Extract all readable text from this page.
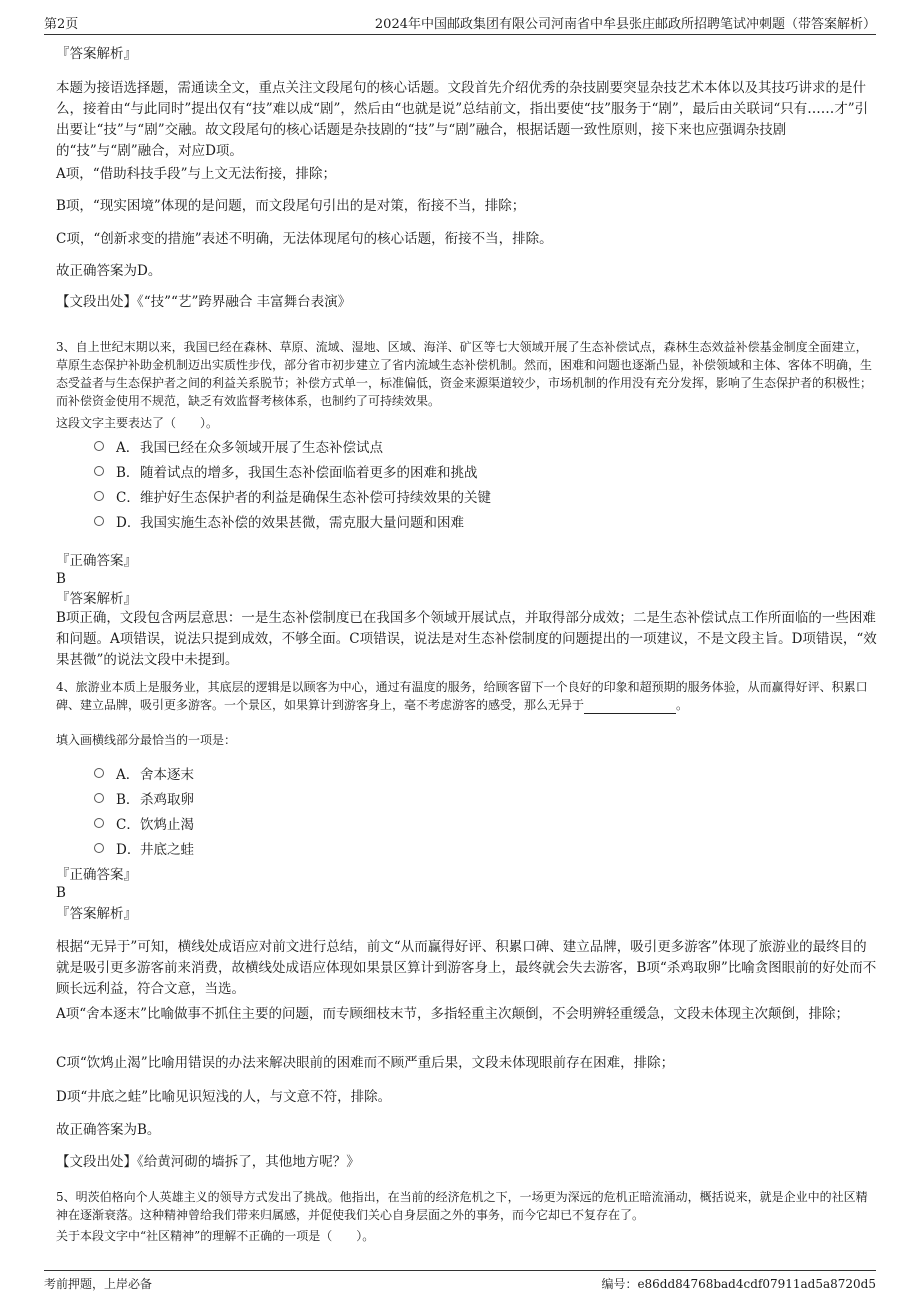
第2页	2024年中国邮政集团有限公司河南省中牟县张庄邮政所招聘笔试冲刺题（带答案解析）

『答案解析』

本题为接语选择题，需通读全文，重点关注文段尾句的核心话题。文段首先介绍优秀的杂技剧要突显杂技艺术本体以及其技巧讲求的是什么，接着由“与此同时”提出仅有“技”难以成“剧”，然后由“也就是说”总结前文，指出要使“技”服务于“剧”，最后由关联词“只有……才”引出要让“技”与“剧”交融。故文段尾句的核心话题是杂技剧的“技”与“剧”融合，根据话题一致性原则，接下来也应强调杂技剧的“技”与“剧”融合，对应D项。

A项，“借助科技手段”与上文无法衔接，排除；

B项，“现实困境”体现的是问题，而文段尾句引出的是对策，衔接不当，排除；

C项，“创新求变的措施”表述不明确，无法体现尾句的核心话题，衔接不当，排除。

故正确答案为D。

【文段出处】《“技”“艺”跨界融合 丰富舞台表演》

3、自上世纪末期以来，我国已经在森林、草原、流域、湿地、区域、海洋、矿区等七大领域开展了生态补偿试点，森林生态效益补偿基金制度全面建立，草原生态保护补助金机制迈出实质性步伐，部分省市初步建立了省内流域生态补偿机制。然而，困难和问题也逐渐凸显，补偿领域和主体、客体不明确，生态受益者与生态保护者之间的利益关系脱节；补偿方式单一，标准偏低，资金来源渠道较少，市场机制的作用没有充分发挥，影响了生态保护者的积极性；而补偿资金使用不规范，缺乏有效监督考核体系，也制约了可持续效果。

这段文字主要表达了（　　）。

A． 我国已经在众多领域开展了生态补偿试点
B． 随着试点的增多，我国生态补偿面临着更多的困难和挑战
C． 维护好生态保护者的利益是确保生态补偿可持续效果的关键
D． 我国实施生态补偿的效果甚微，需克服大量问题和困难

『正确答案』

B

『答案解析』

B项正确，文段包含两层意思：一是生态补偿制度已在我国多个领域开展试点，并取得部分成效；二是生态补偿试点工作所面临的一些困难和问题。A项错误，说法只提到成效，不够全面。C项错误，说法是对生态补偿制度的问题提出的一项建议，不是文段主旨。D项错误，“效果甚微”的说法文段中未提到。

4、旅游业本质上是服务业，其底层的逻辑是以顾客为中心，通过有温度的服务，给顾客留下一个良好的印象和超预期的服务体验，从而赢得好评、积累口碑、建立品牌，吸引更多游客。一个景区，如果算计到游客身上，毫不考虑游客的感受，那么无异于	。

填入画横线部分最恰当的一项是：

A． 舍本逐末
B． 杀鸡取卵
C． 饮鸩止渴
D． 井底之蛙

『正确答案』

B

『答案解析』

根据“无异于”可知，横线处成语应对前文进行总结，前文“从而赢得好评、积累口碑、建立品牌，吸引更多游客”体现了旅游业的最终目的就是吸引更多游客前来消费，故横线处成语应体现如果景区算计到游客身上，最终就会失去游客，B项“杀鸡取卵”比喻贪图眼前的好处而不顾长远利益，符合文意，当选。

A项“舍本逐末”比喻做事不抓住主要的问题，而专顾细枝末节，多指轻重主次颠倒，不会明辨轻重缓急，文段未体现主次颠倒，排除；

C项“饮鸩止渴”比喻用错误的办法来解决眼前的困难而不顾严重后果，文段未体现眼前存在困难，排除；

D项“井底之蛙”比喻见识短浅的人，与文意不符，排除。

故正确答案为B。

【文段出处】《给黄河砌的墙拆了，其他地方呢？》

5、明茨伯格向个人英雄主义的领导方式发出了挑战。他指出，在当前的经济危机之下，一场更为深远的危机正暗流涌动，概括说来，就是企业中的社区精神在逐渐衰落。这种精神曾给我们带来归属感，并促使我们关心自身层面之外的事务，而今它却已不复存在了。

关于本段文字中“社区精神”的理解不正确的一项是（　　）。

考前押题，上岸必备	编号：e86dd84768bad4cdf07911ad5a8720d5
